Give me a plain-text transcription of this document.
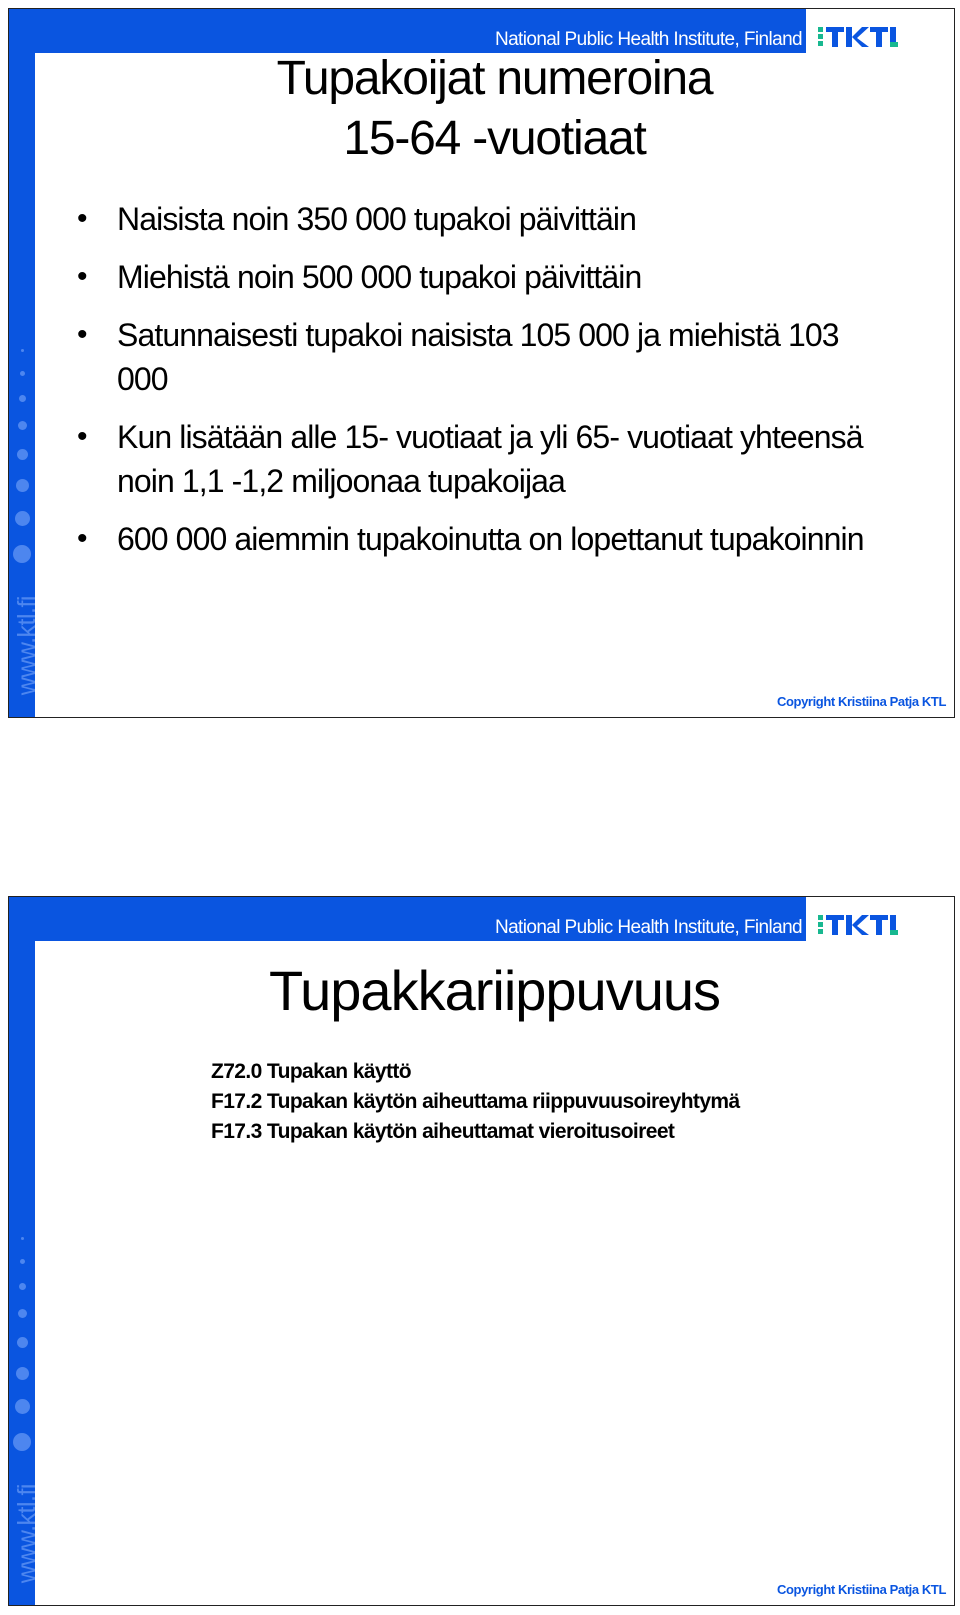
National Public Health Institute, Finland
www.ktl.fi
Tupakoijat numeroina
15-64 -vuotiaat
• Naisista noin 350 000 tupakoi päivittäin
• Miehistä noin 500 000 tupakoi päivittäin
• Satunnaisesti tupakoi naisista 105 000 ja miehistä 103 000
• Kun lisätään alle 15- vuotiaat ja yli 65- vuotiaat yhteensä noin 1,1 -1,2 miljoonaa tupakoijaa
• 600 000 aiemmin tupakoinutta on lopettanut tupakoinnin
Copyright Kristiina Patja KTL
National Public Health Institute, Finland
www.ktl.fi
Tupakkariippuvuus
Z72.0 Tupakan käyttö
F17.2 Tupakan käytön aiheuttama riippuvuusoireyhtymä
F17.3 Tupakan käytön aiheuttamat vieroitusoireet
Copyright Kristiina Patja KTL
